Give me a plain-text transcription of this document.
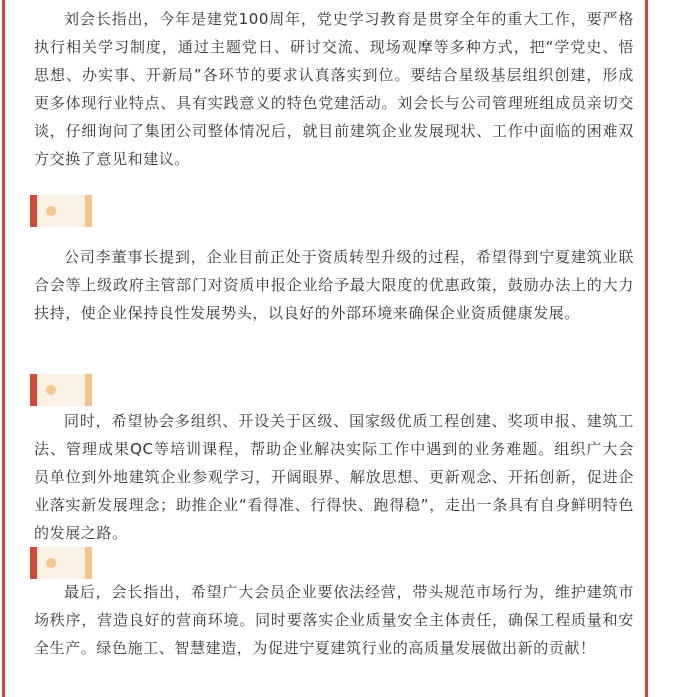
刘会长指出，今年是建党100周年，党史学习教育是贯穿全年的重大工作，要严格执行相关学习制度，通过主题党日、研讨交流、现场观摩等多种方式，把“学党史、悟思想、办实事、开新局”各环节的要求认真落实到位。要结合星级基层组织创建，形成更多体现行业特点、具有实践意义的特色党建活动。刘会长与公司管理班组成员亲切交谈，仔细询问了集团公司整体情况后，就目前建筑企业发展现状、工作中面临的困难双方交换了意见和建议。

公司李董事长提到，企业目前正处于资质转型升级的过程，希望得到宁夏建筑业联合会等上级政府主管部门对资质申报企业给予最大限度的优惠政策，鼓励办法上的大力扶持，使企业保持良性发展势头，以良好的外部环境来确保企业资质健康发展。

同时，希望协会多组织、开设关于区级、国家级优质工程创建、奖项申报、建筑工法、管理成果QC等培训课程，帮助企业解决实际工作中遇到的业务难题。组织广大会员单位到外地建筑企业参观学习，开阔眼界、解放思想、更新观念、开拓创新，促进企业落实新发展理念；助推企业“看得准、行得快、跑得稳”，走出一条具有自身鲜明特色的发展之路。

最后，会长指出，希望广大会员企业要依法经营，带头规范市场行为，维护建筑市场秩序，营造良好的营商环境。同时要落实企业质量安全主体责任，确保工程质量和安全生产。绿色施工、智慧建造，为促进宁夏建筑行业的高质量发展做出新的贡献！
